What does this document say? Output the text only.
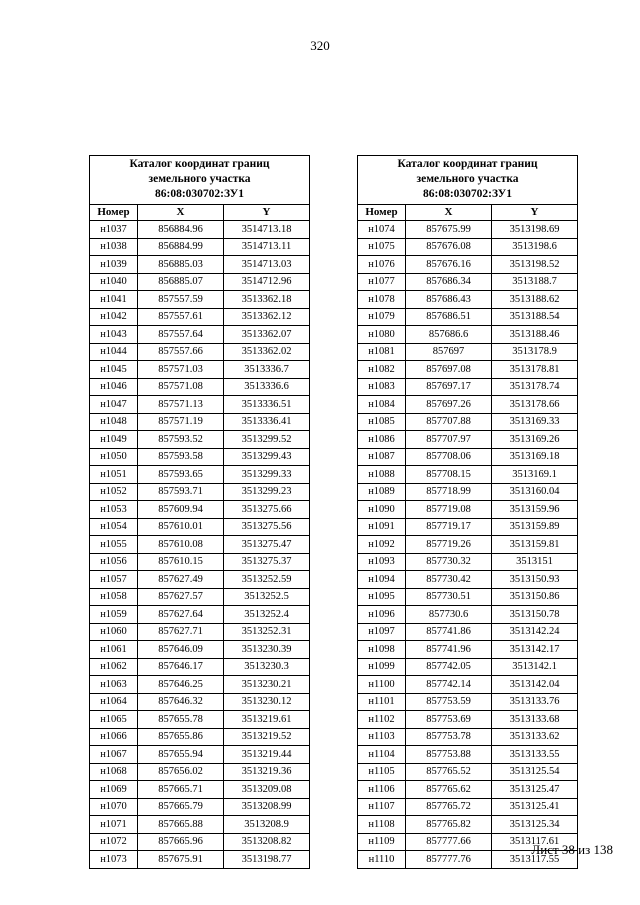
320
Каталог координат границ
земельного участка
86:08:030702:ЗУ1		

Номер	X	Y
н1037	856884.96	3514713.18
н1038	856884.99	3514713.11
н1039	856885.03	3514713.03
н1040	856885.07	3514712.96
н1041	857557.59	3513362.18
н1042	857557.61	3513362.12
н1043	857557.64	3513362.07
н1044	857557.66	3513362.02
н1045	857571.03	3513336.7
н1046	857571.08	3513336.6
н1047	857571.13	3513336.51
н1048	857571.19	3513336.41
н1049	857593.52	3513299.52
н1050	857593.58	3513299.43
н1051	857593.65	3513299.33
н1052	857593.71	3513299.23
н1053	857609.94	3513275.66
н1054	857610.01	3513275.56
н1055	857610.08	3513275.47
н1056	857610.15	3513275.37
н1057	857627.49	3513252.59
н1058	857627.57	3513252.5
н1059	857627.64	3513252.4
н1060	857627.71	3513252.31
н1061	857646.09	3513230.39
н1062	857646.17	3513230.3
н1063	857646.25	3513230.21
н1064	857646.32	3513230.12
н1065	857655.78	3513219.61
н1066	857655.86	3513219.52
н1067	857655.94	3513219.44
н1068	857656.02	3513219.36
н1069	857665.71	3513209.08
н1070	857665.79	3513208.99
н1071	857665.88	3513208.9
н1072	857665.96	3513208.82
н1073	857675.91	3513198.77
Каталог координат границ
земельного участка
86:08:030702:ЗУ1		

Номер	X	Y
н1074	857675.99	3513198.69
н1075	857676.08	3513198.6
н1076	857676.16	3513198.52
н1077	857686.34	3513188.7
н1078	857686.43	3513188.62
н1079	857686.51	3513188.54
н1080	857686.6	3513188.46
н1081	857697	3513178.9
н1082	857697.08	3513178.81
н1083	857697.17	3513178.74
н1084	857697.26	3513178.66
н1085	857707.88	3513169.33
н1086	857707.97	3513169.26
н1087	857708.06	3513169.18
н1088	857708.15	3513169.1
н1089	857718.99	3513160.04
н1090	857719.08	3513159.96
н1091	857719.17	3513159.89
н1092	857719.26	3513159.81
н1093	857730.32	3513151
н1094	857730.42	3513150.93
н1095	857730.51	3513150.86
н1096	857730.6	3513150.78
н1097	857741.86	3513142.24
н1098	857741.96	3513142.17
н1099	857742.05	3513142.1
н1100	857742.14	3513142.04
н1101	857753.59	3513133.76
н1102	857753.69	3513133.68
н1103	857753.78	3513133.62
н1104	857753.88	3513133.55
н1105	857765.52	3513125.54
н1106	857765.62	3513125.47
н1107	857765.72	3513125.41
н1108	857765.82	3513125.34
н1109	857777.66	3513117.61
н1110	857777.76	3513117.55
Лист 38 из 138
